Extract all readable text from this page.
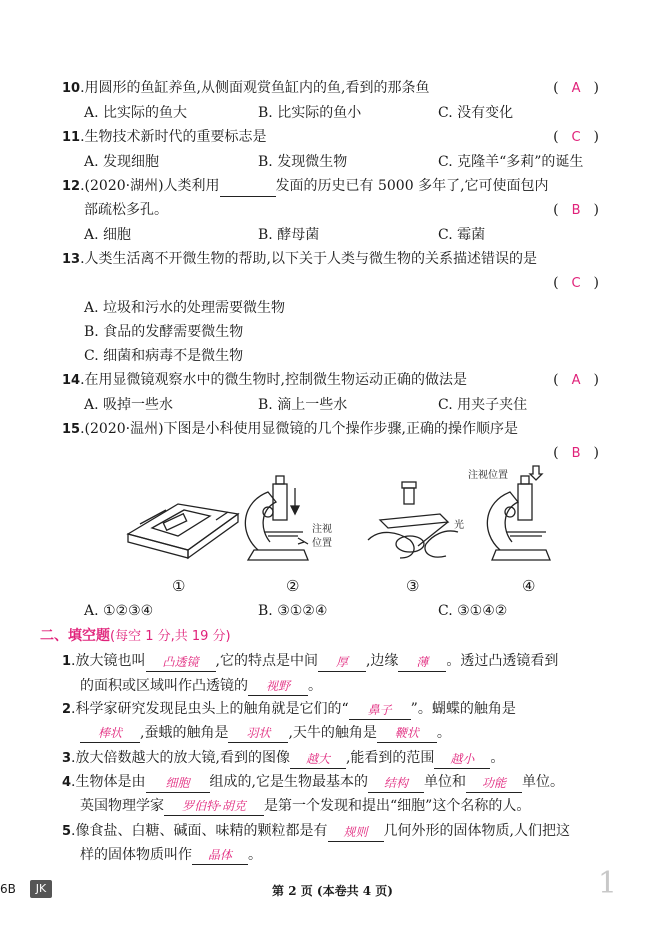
10.用圆形的鱼缸养鱼,从侧面观赏鱼缸内的鱼,看到的那条鱼	( A )
A. 比实际的鱼大	B. 比实际的鱼小	C. 没有变化
11.生物技术新时代的重要标志是	( C )
A. 发现细胞	B. 发现微生物	C. 克隆羊“多莉”的诞生
12.(2020·湖州)人类利用	发面的历史已有 5000 多年了,它可使面包内
部疏松多孔。	( B )
A. 细胞	B. 酵母菌	C. 霉菌
13.人类生活离不开微生物的帮助,以下关于人类与微生物的关系描述错误的是
( C )
A. 垃圾和污水的处理需要微生物
B. 食品的发酵需要微生物
C. 细菌和病毒不是微生物
14.在用显微镜观察水中的微生物时,控制微生物运动正确的做法是	( A )
A. 吸掉一些水	B. 滴上一些水	C. 用夹子夹住
15.(2020·温州)下图是小科使用显微镜的几个操作步骤,正确的操作顺序是
( B )
注视
位置
光
注视位置
①	②	③	④
A. ①②③④	B. ③①②④	C. ③①④②
二、填空题(每空 1 分,共 19 分)
1.放大镜也叫 凸透镜 ,它的特点是中间 厚 ,边缘 薄 。透过凸透镜看到
的面积或区域叫作凸透镜的 视野 。
2.科学家研究发现昆虫头上的触角就是它们的“ 鼻子 ”。蝴蝶的触角是
棒状 ,蚕蛾的触角是 羽状 ,天牛的触角是 鞭状 。
3.放大倍数越大的放大镜,看到的图像 越大 ,能看到的范围 越小 。
4.生物体是由 细胞 组成的,它是生物最基本的 结构 单位和 功能 单位。
英国物理学家 罗伯特·胡克 是第一个发现和提出“细胞”这个名称的人。
5.像食盐、白糖、碱面、味精的颗粒都是有 规则 几何外形的固体物质,人们把这
样的固体物质叫作 晶体 。
6B	JK	第 2 页 (本卷共 4 页)	1
